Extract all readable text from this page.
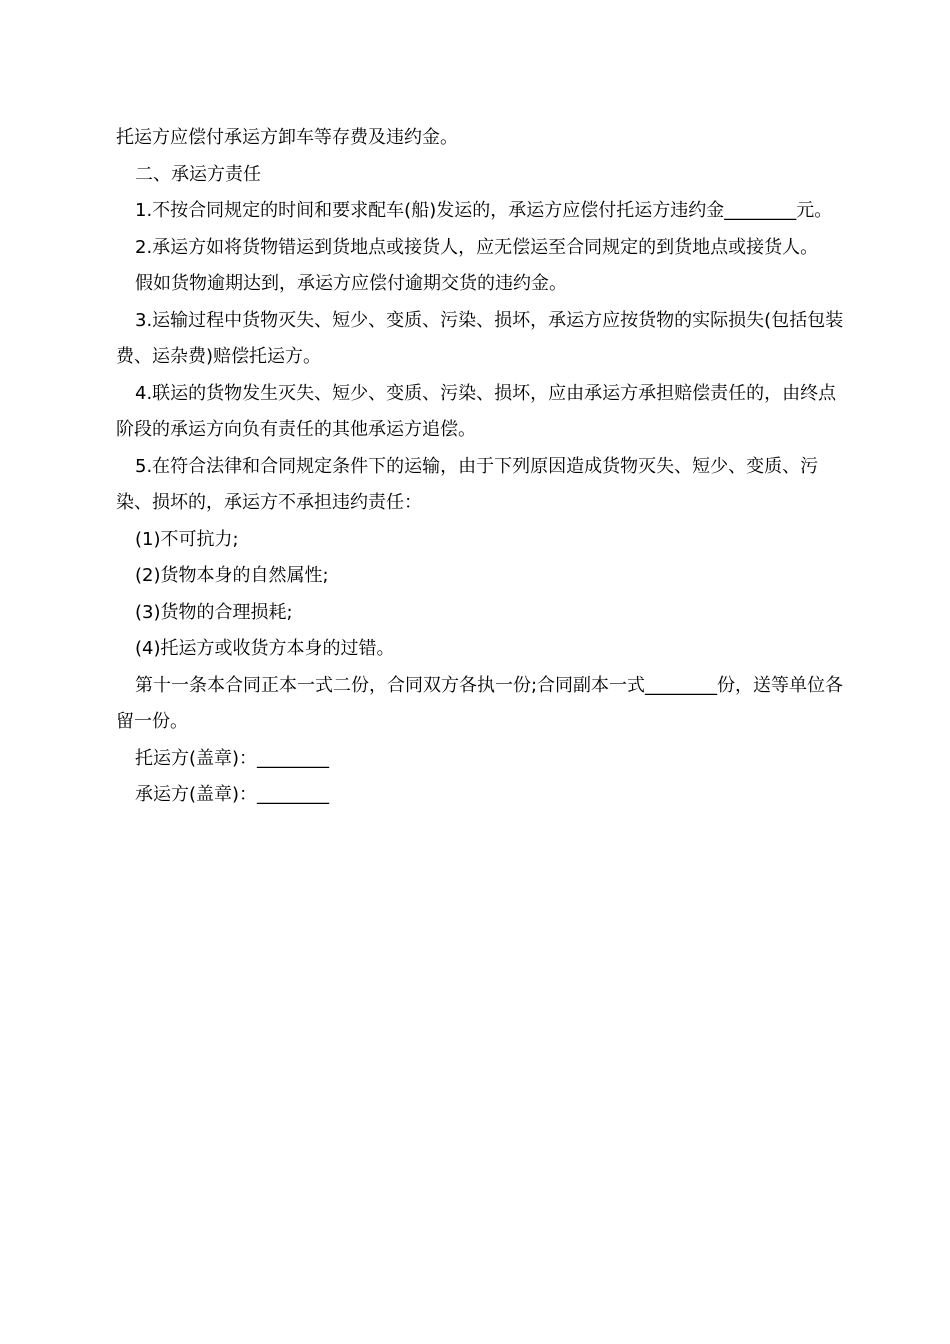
托运方应偿付承运方卸车等存费及违约金。

二、承运方责任

1.不按合同规定的时间和要求配车(船)发运的，承运方应偿付托运方违约金________元。

2.承运方如将货物错运到货地点或接货人，应无偿运至合同规定的到货地点或接货人。

假如货物逾期达到，承运方应偿付逾期交货的违约金。

3.运输过程中货物灭失、短少、变质、污染、损坏，承运方应按货物的实际损失(包括包装费、运杂费)赔偿托运方。

4.联运的货物发生灭失、短少、变质、污染、损坏，应由承运方承担赔偿责任的，由终点阶段的承运方向负有责任的其他承运方追偿。

5.在符合法律和合同规定条件下的运输，由于下列原因造成货物灭失、短少、变质、污染、损坏的，承运方不承担违约责任：

(1)不可抗力;

(2)货物本身的自然属性;

(3)货物的合理损耗;

(4)托运方或收货方本身的过错。

第十一条本合同正本一式二份，合同双方各执一份;合同副本一式________份，送等单位各留一份。

托运方(盖章)：________

承运方(盖章)：________
